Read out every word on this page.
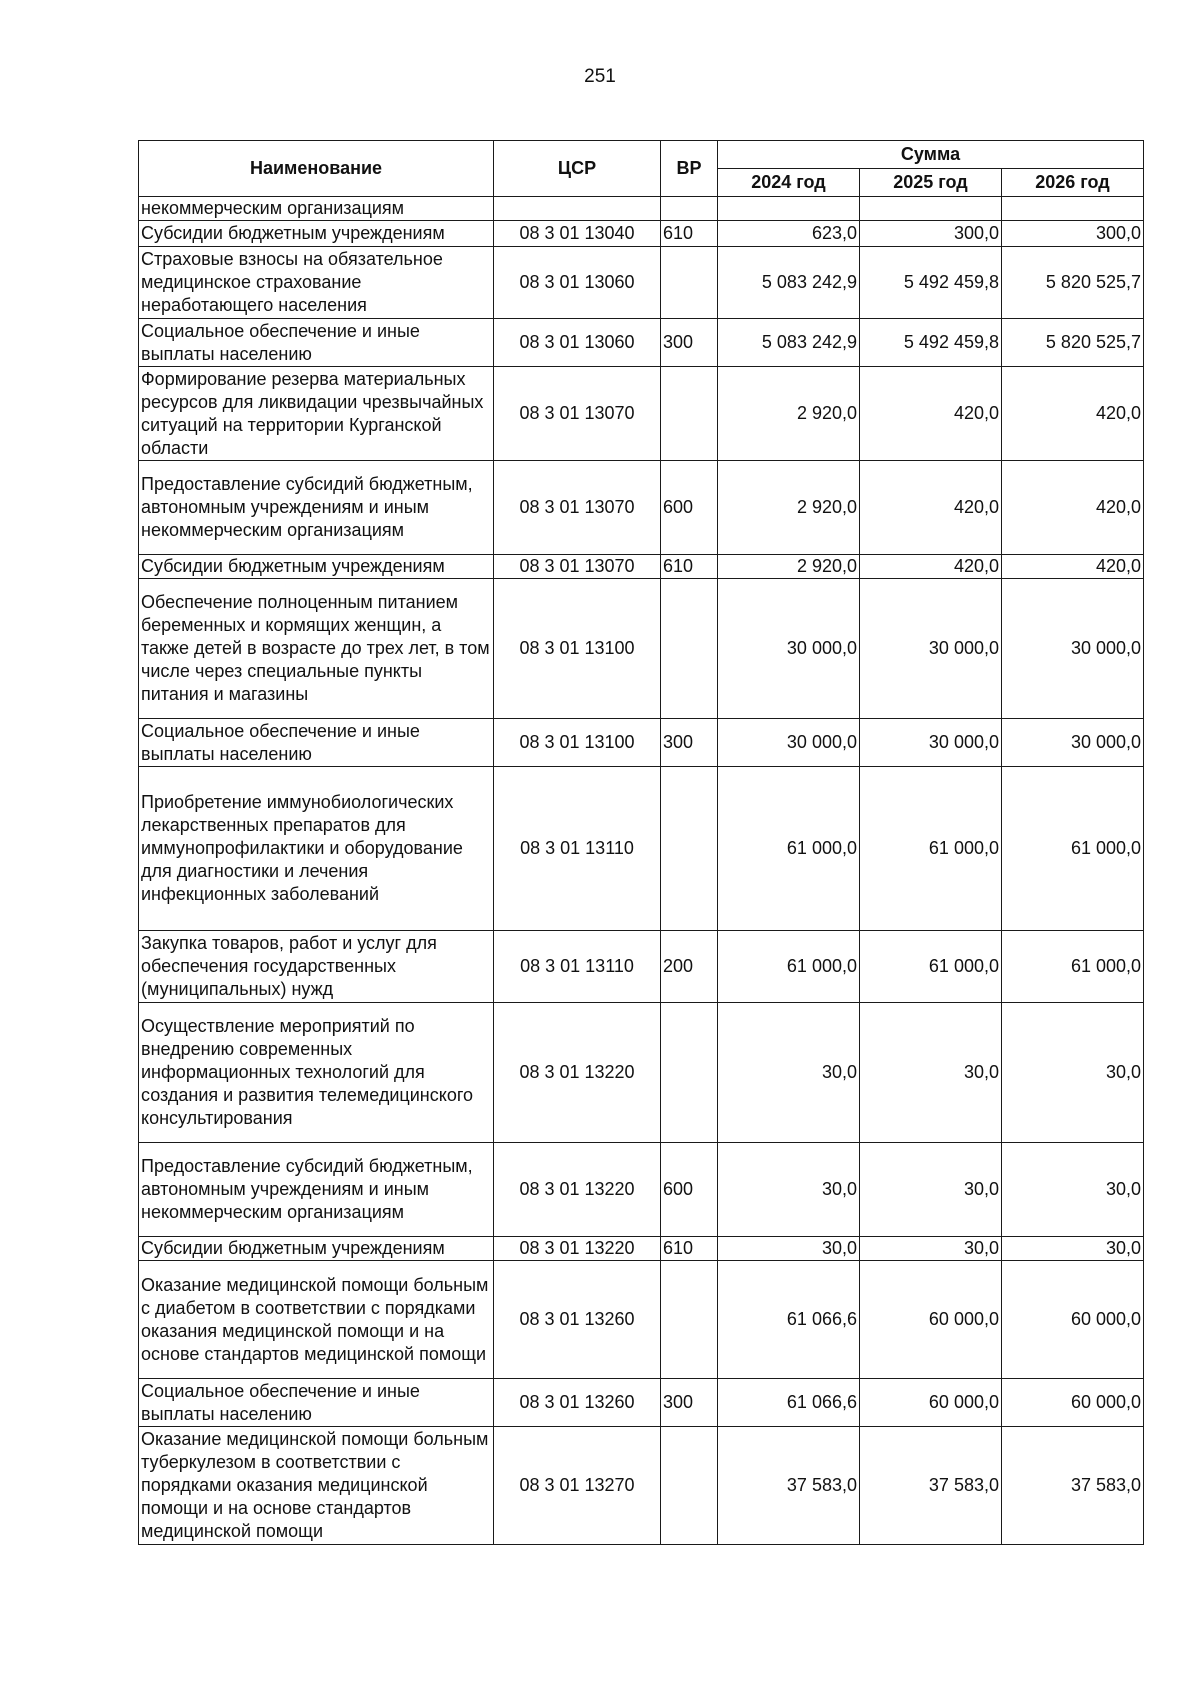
251
Наименование	ЦСР	ВР	Сумма		
			2024 год	2025 год	2026 год
некоммерческим организациям					
Субсидии бюджетным учреждениям	08 3 01 13040	610	623,0	300,0	300,0
Страховые взносы на обязательное медицинское страхование неработающего населения	08 3 01 13060		5 083 242,9	5 492 459,8	5 820 525,7
Социальное обеспечение и иные выплаты населению	08 3 01 13060	300	5 083 242,9	5 492 459,8	5 820 525,7
Формирование резерва материальных ресурсов для ликвидации чрезвычайных ситуаций на территории Курганской области	08 3 01 13070		2 920,0	420,0	420,0
Предоставление субсидий бюджетным, автономным учреждениям и иным некоммерческим организациям	08 3 01 13070	600	2 920,0	420,0	420,0
Субсидии бюджетным учреждениям	08 3 01 13070	610	2 920,0	420,0	420,0
Обеспечение полноценным питанием беременных и кормящих женщин, а также детей в возрасте до трех лет, в том числе через специальные пункты питания и магазины	08 3 01 13100		30 000,0	30 000,0	30 000,0
Социальное обеспечение и иные выплаты населению	08 3 01 13100	300	30 000,0	30 000,0	30 000,0
Приобретение иммунобиологических лекарственных препаратов для иммунопрофилактики и оборудование для диагностики и лечения инфекционных заболеваний	08 3 01 13110		61 000,0	61 000,0	61 000,0
Закупка товаров, работ и услуг для обеспечения государственных (муниципальных) нужд	08 3 01 13110	200	61 000,0	61 000,0	61 000,0
Осуществление мероприятий по внедрению современных информационных технологий для создания и развития телемедицинского консультирования	08 3 01 13220		30,0	30,0	30,0
Предоставление субсидий бюджетным, автономным учреждениям и иным некоммерческим организациям	08 3 01 13220	600	30,0	30,0	30,0
Субсидии бюджетным учреждениям	08 3 01 13220	610	30,0	30,0	30,0
Оказание медицинской помощи больным с диабетом в соответствии с порядками оказания медицинской помощи и на основе стандартов медицинской помощи	08 3 01 13260		61 066,6	60 000,0	60 000,0
Социальное обеспечение и иные выплаты населению	08 3 01 13260	300	61 066,6	60 000,0	60 000,0
Оказание медицинской помощи больным туберкулезом в соответствии с порядками оказания медицинской помощи и на основе стандартов медицинской помощи	08 3 01 13270		37 583,0	37 583,0	37 583,0
